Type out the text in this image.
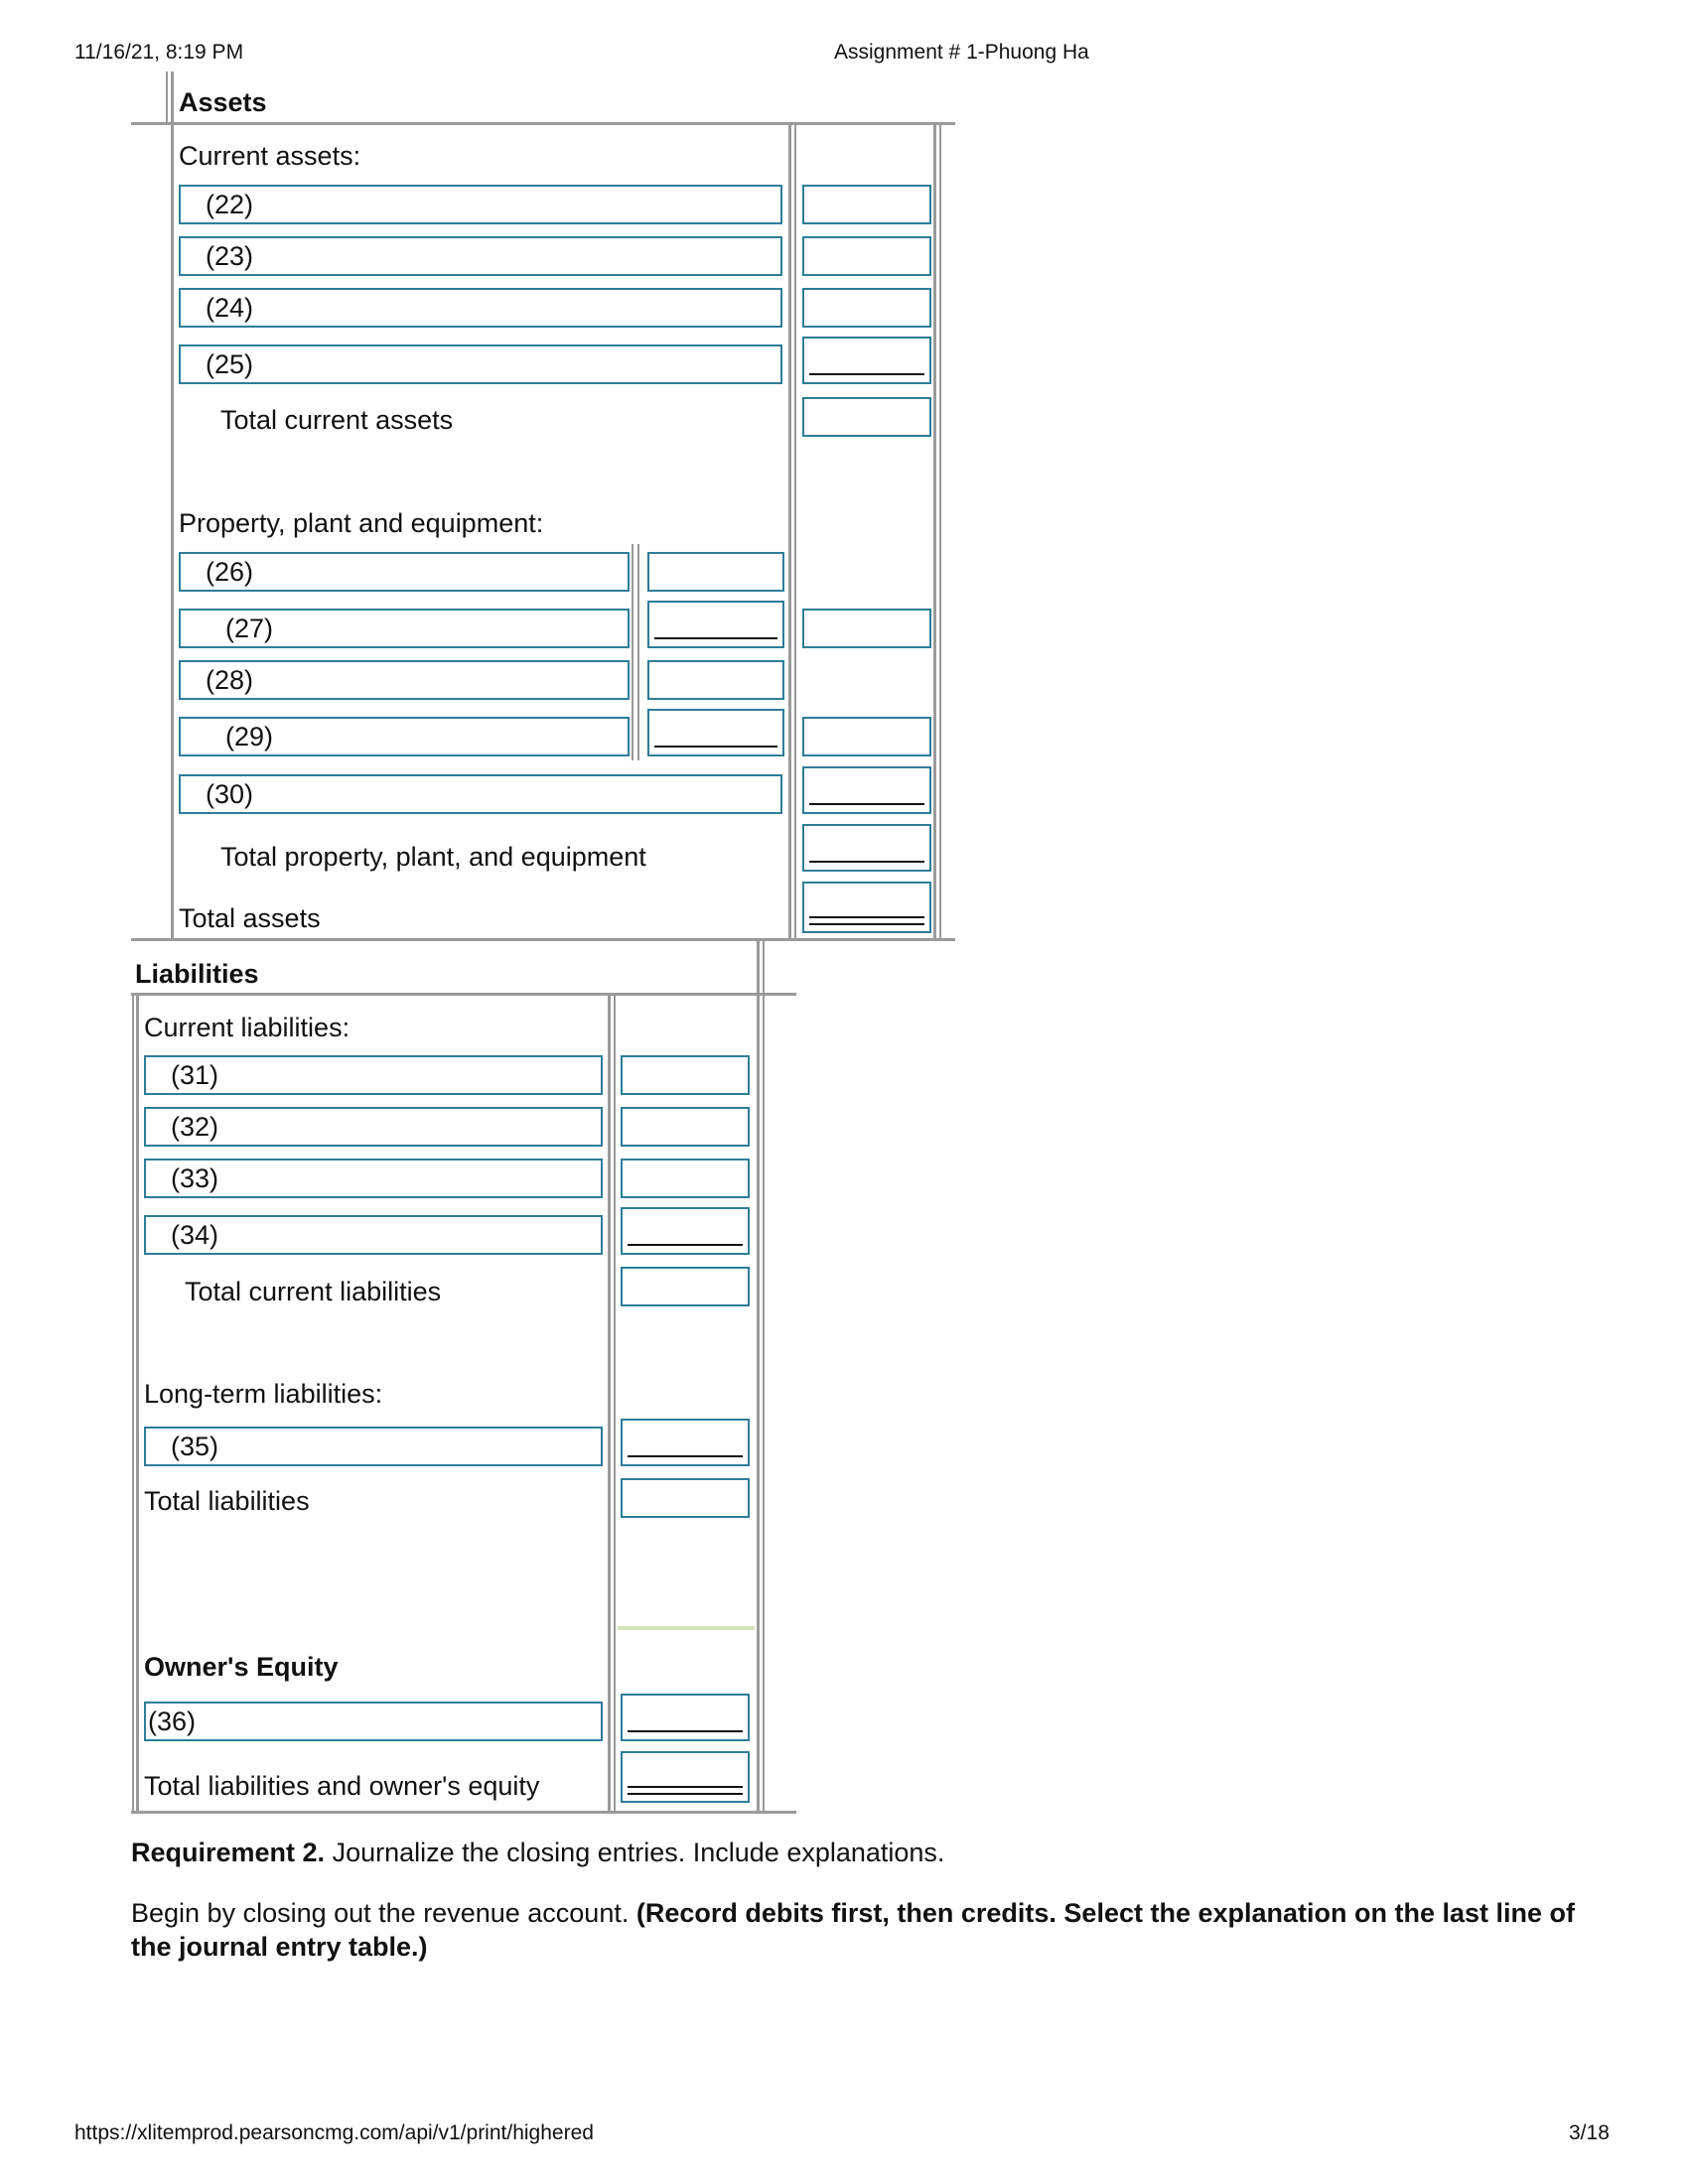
11/16/21, 8:19 PM	Assignment # 1-Phuong Ha
Assets
Current assets:
(22)
(23)
(24)
(25)
Total current assets
Property, plant and equipment:
(26)
(27)
(28)
(29)
(30)
Total property, plant, and equipment
Total assets
Liabilities
Current liabilities:
(31)
(32)
(33)
(34)
Total current liabilities
Long-term liabilities:
(35)
Total liabilities
Owner's Equity
(36)
Total liabilities and owner's equity
Requirement 2. Journalize the closing entries. Include explanations.
Begin by closing out the revenue account. (Record debits first, then credits. Select the explanation on the last line of the journal entry table.)
https://xlitemprod.pearsoncmg.com/api/v1/print/highered	3/18
